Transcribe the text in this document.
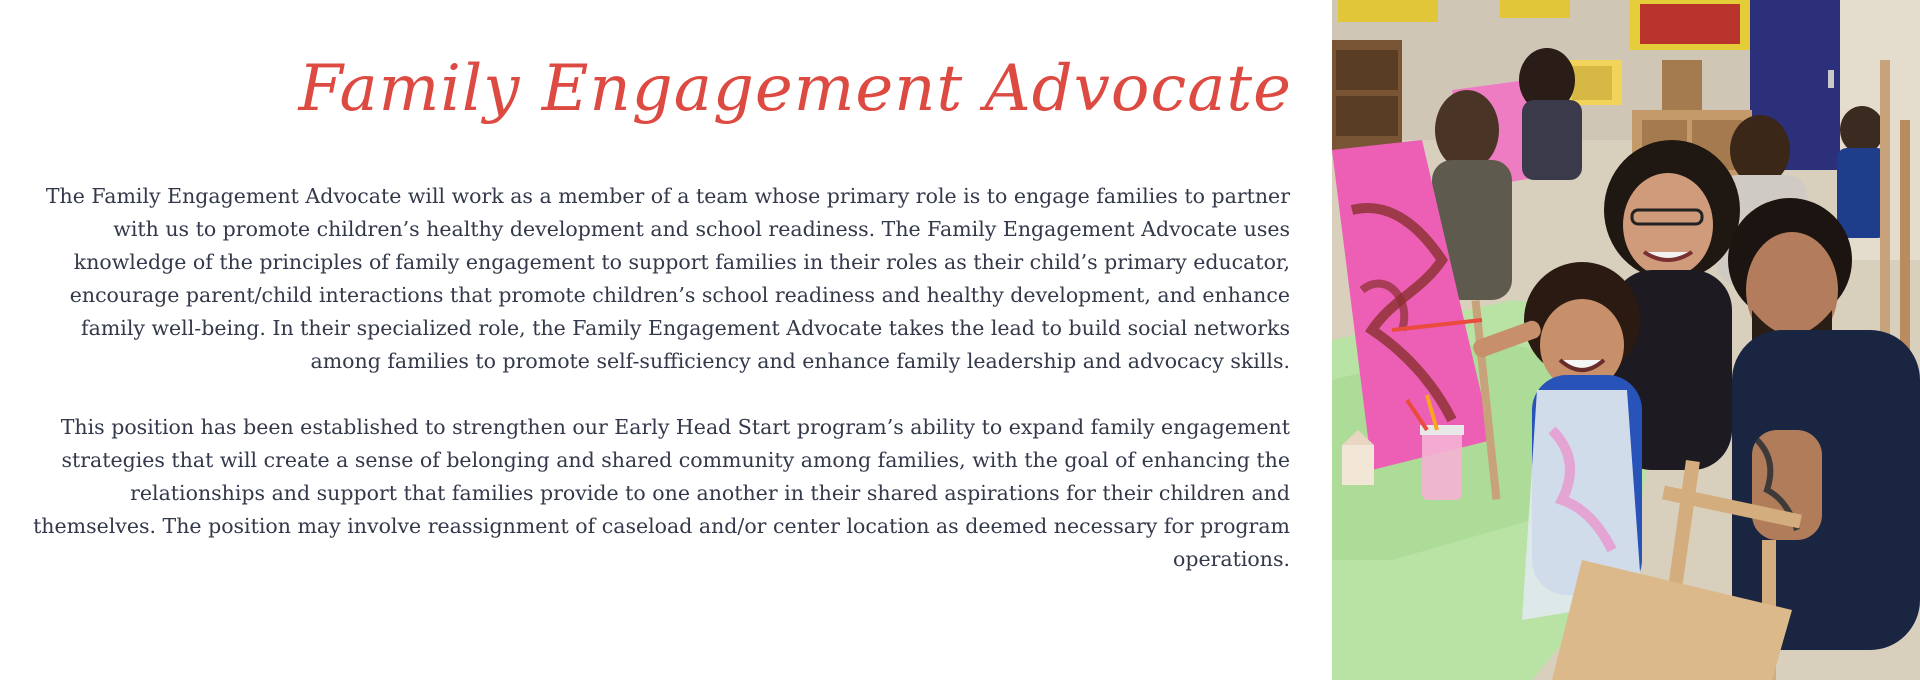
Family Engagement Advocate

The Family Engagement Advocate will work as a member of a team whose primary role is to engage families to partner with us to promote children’s healthy development and school readiness. The Family Engagement Advocate uses knowledge of the principles of family engagement to support families in their roles as their child’s primary educator, encourage parent/child interactions that promote children’s school readiness and healthy development, and enhance family well-being. In their specialized role, the Family Engagement Advocate takes the lead to build social networks among families to promote self-sufficiency and enhance family leadership and advocacy skills.

This position has been established to strengthen our Early Head Start program’s ability to expand family engagement strategies that will create a sense of belonging and shared community among families, with the goal of enhancing the relationships and support that families provide to one another in their shared aspirations for their children and themselves. The position may involve reassignment of caseload and/or center location as deemed necessary for program operations.
